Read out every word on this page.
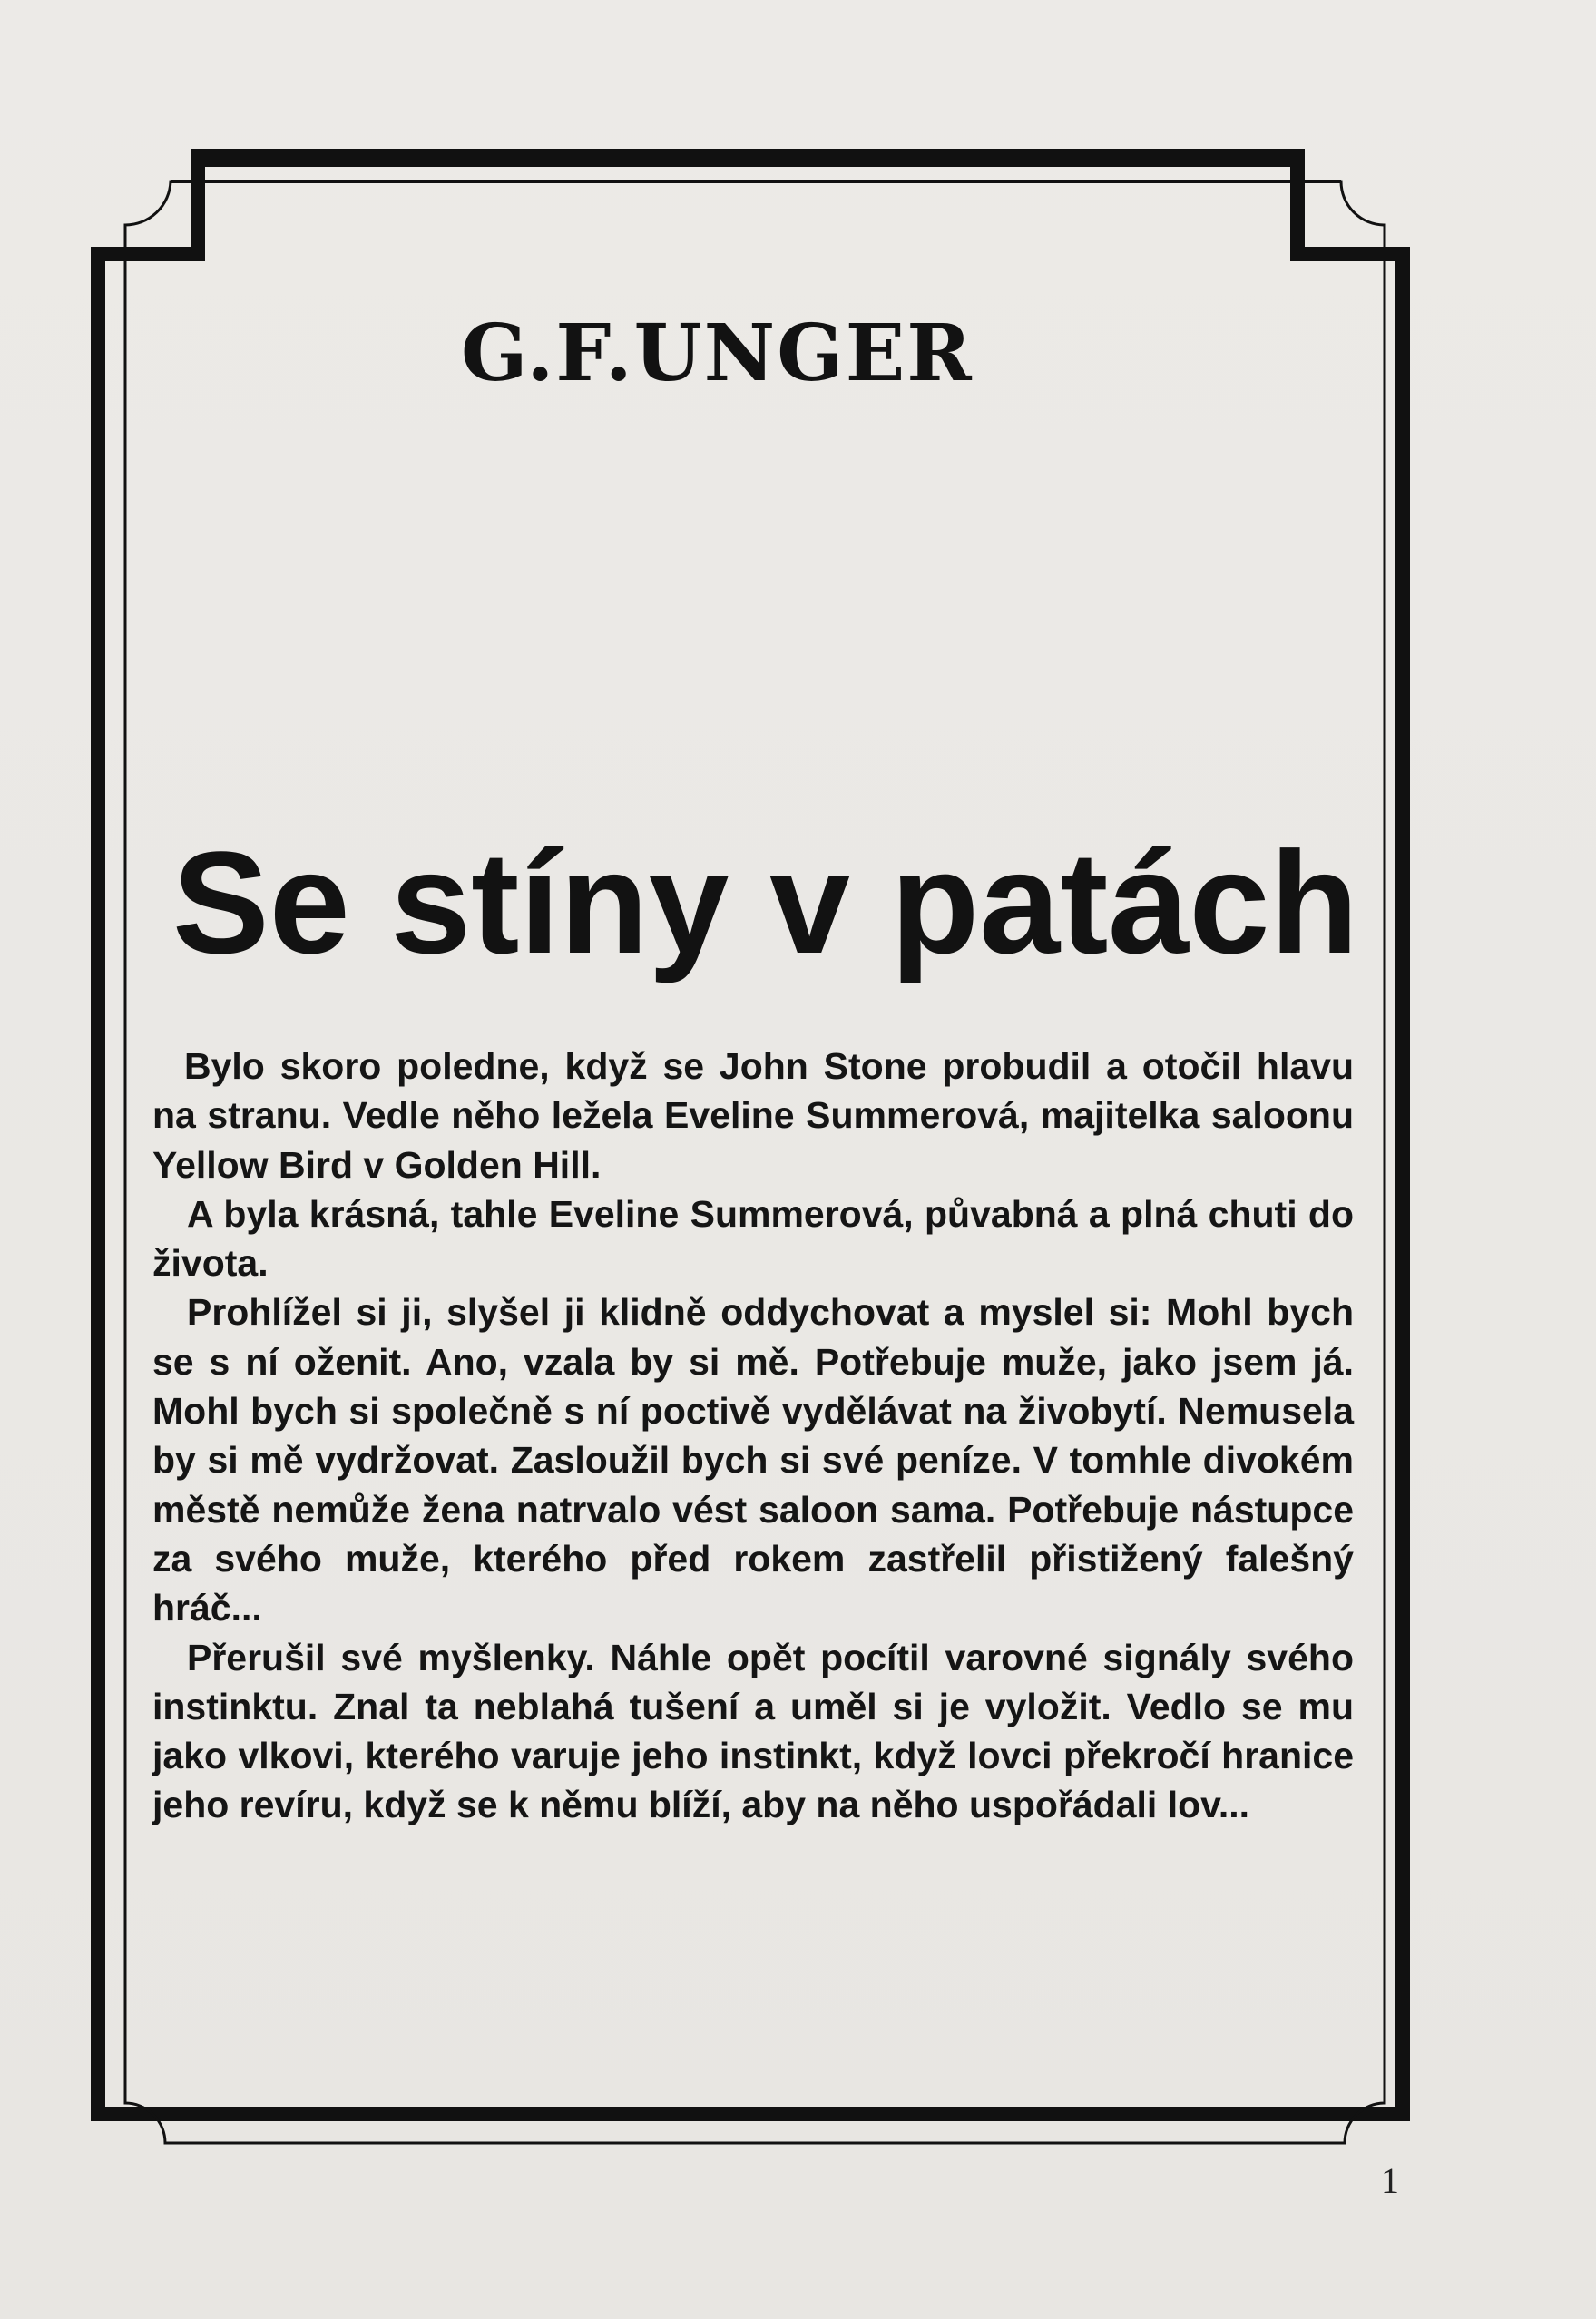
G.F.UNGER
Se stíny v patách

Bylo skoro poledne, když se John Stone probudil a otočil hlavu na stranu. Vedle něho ležela Eveline Summerová, majitelka saloonu Yellow Bird v Golden Hill.

A byla krásná, tahle Eveline Summerová, půvabná a plná chuti do života.

Prohlížel si ji, slyšel ji klidně oddychovat a myslel si: Mohl bych se s ní oženit. Ano, vzala by si mě. Potřebuje muže, jako jsem já. Mohl bych si společně s ní poctivě vydělávat na živobytí. Nemusela by si mě vydržovat. Zasloužil bych si své peníze. V tomhle divokém městě nemůže žena natrvalo vést saloon sama. Potřebuje nástupce za svého muže, kterého před rokem zastřelil přistižený falešný hráč...

Přerušil své myšlenky. Náhle opět pocítil varovné signály svého instinktu. Znal ta neblahá tušení a uměl si je vyložit. Vedlo se mu jako vlkovi, kterého varuje jeho instinkt, když lovci překročí hranice jeho revíru, když se k němu blíží, aby na něho uspořádali lov...

1
